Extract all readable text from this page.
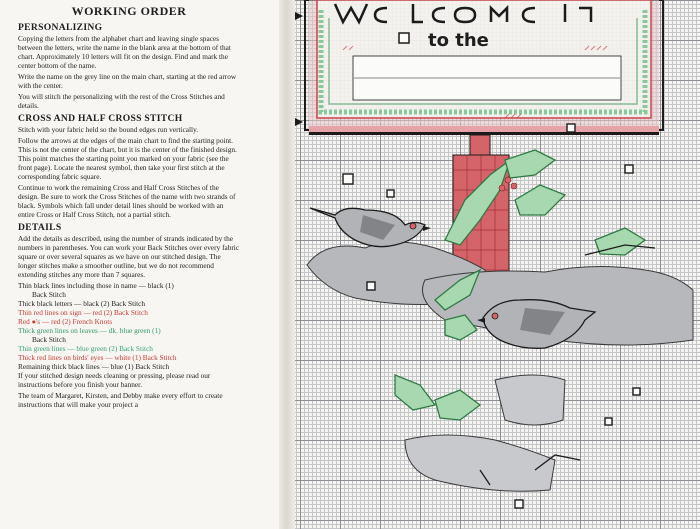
WORKING ORDER
PERSONALIZING

Copying the letters from the alphabet chart and leaving single spaces between the letters, write the name in the blank area at the bottom of that chart. Approximately 10 letters will fit on the design. Find and mark the center bottom of the name.

Write the name on the grey line on the main chart, starting at the red arrow with the center.

You will stitch the personalizing with the rest of the Cross Stitches and details.

CROSS AND HALF CROSS STITCH

Stitch with your fabric held so the bound edges run vertically.

Follow the arrows at the edges of the main chart to find the starting point. This is not the center of the chart, but it is the center of the finished design. This point matches the starting point you marked on your fabric (see the front page). Locate the nearest symbol, then take your first stitch at the corresponding fabric square.

Continue to work the remaining Cross and Half Cross Stitches of the design. Be sure to work the Cross Stitches of the name with two strands of black. Symbols which fall under detail lines should be worked with an entire Cross or Half Cross Stitch, not a partial stitch.

DETAILS

Add the details as described, using the number of strands indicated by the numbers in parentheses. You can work your Back Stitches over every fabric square or over several squares as we have on our stitched design. The longer stitches make a smoother outline, but we do not recommend extending stitches any more than 7 squares.

Thin black lines including those in name — black (1)
Back Stitch
Thick black letters — black (2) Back Stitch
Thin red lines on sign — red (2) Back Stitch
Red ●'s — red (2) French Knots
Thick green lines on leaves — dk. blue green (1)
Back Stitch
Thin green lines — blue green (2) Back Stitch
Thick red lines on birds' eyes — white (1) Back Stitch
Remaining thick black lines — blue (1) Back Stitch

If your stitched design needs cleaning or pressing, please read our instructions before you finish your banner.

The team of Margaret, Kirsten, and Debby make every effort to create instructions that will make your project a

to the
